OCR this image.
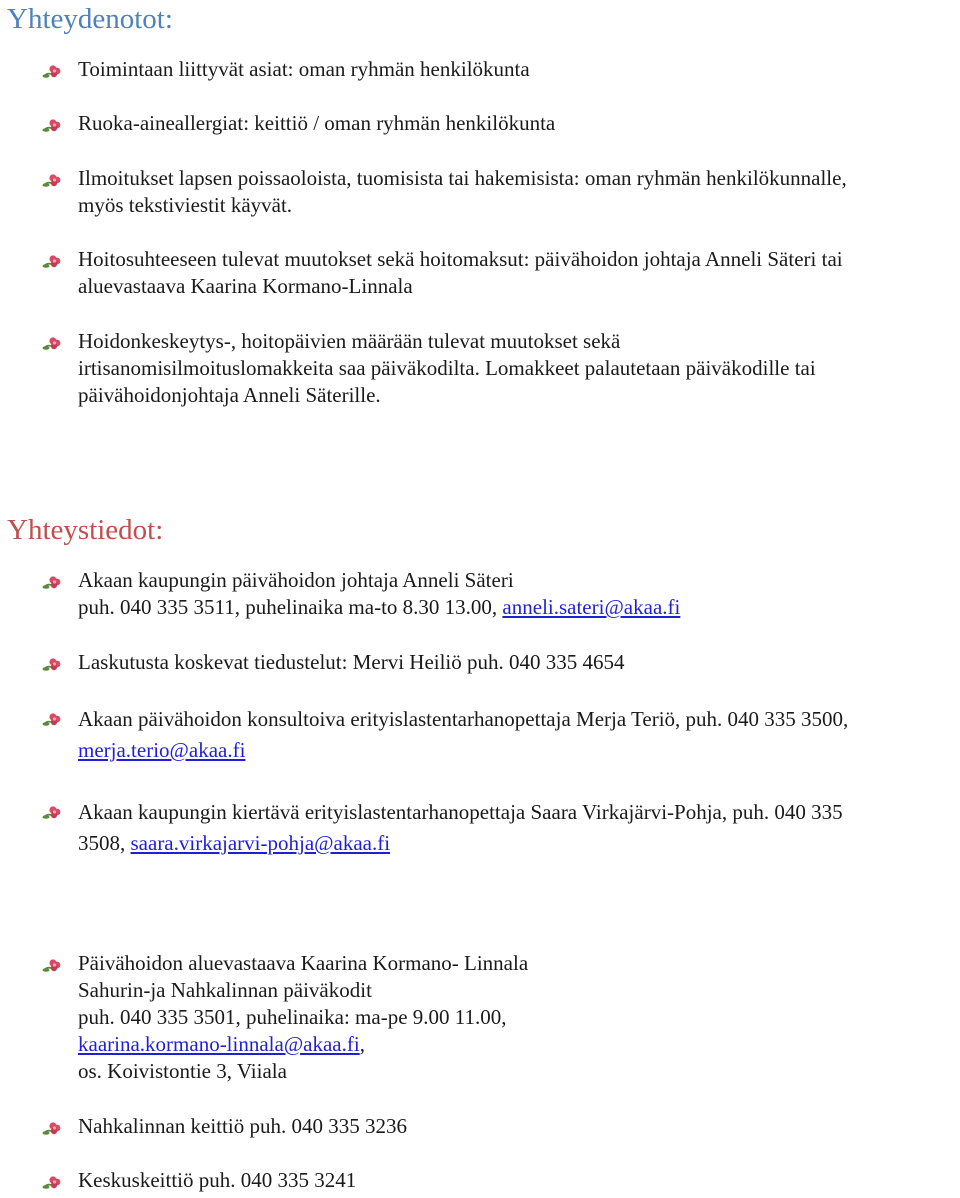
Yhteydenotot:
Yhteystiedot:
Toimintaan liittyvät asiat: oman ryhmän henkilökunta
Ruoka-aineallergiat: keittiö / oman ryhmän henkilökunta
Ilmoitukset lapsen poissaoloista, tuomisista tai hakemisista: oman ryhmän henkilökunnalle,
myös tekstiviestit käyvät.
Hoitosuhteeseen tulevat muutokset sekä hoitomaksut: päivähoidon johtaja Anneli Säteri tai
aluevastaava Kaarina Kormano-Linnala
Hoidonkeskeytys-, hoitopäivien määrään tulevat muutokset sekä
irtisanomisilmoituslomakkeita saa päiväkodilta. Lomakkeet palautetaan päiväkodille tai
päivähoidonjohtaja Anneli Säterille.
Akaan kaupungin päivähoidon johtaja Anneli Säteri
puh. 040 335 3511, puhelinaika ma-to 8.30 13.00, anneli.sateri@akaa.fi
Laskutusta koskevat tiedustelut: Mervi Heiliö puh. 040 335 4654
Akaan päivähoidon konsultoiva erityislastentarhanopettaja Merja Teriö, puh. 040 335 3500,
merja.terio@akaa.fi
Akaan kaupungin kiertävä erityislastentarhanopettaja Saara Virkajärvi-Pohja, puh. 040 335
3508, saara.virkajarvi-pohja@akaa.fi
Päivähoidon aluevastaava Kaarina Kormano- Linnala
Sahurin-ja Nahkalinnan päiväkodit
puh. 040 335 3501, puhelinaika: ma-pe 9.00 11.00,
kaarina.kormano-linnala@akaa.fi,
os. Koivistontie 3, Viiala
Nahkalinnan keittiö puh. 040 335 3236
Keskuskeittiö puh. 040 335 3241
